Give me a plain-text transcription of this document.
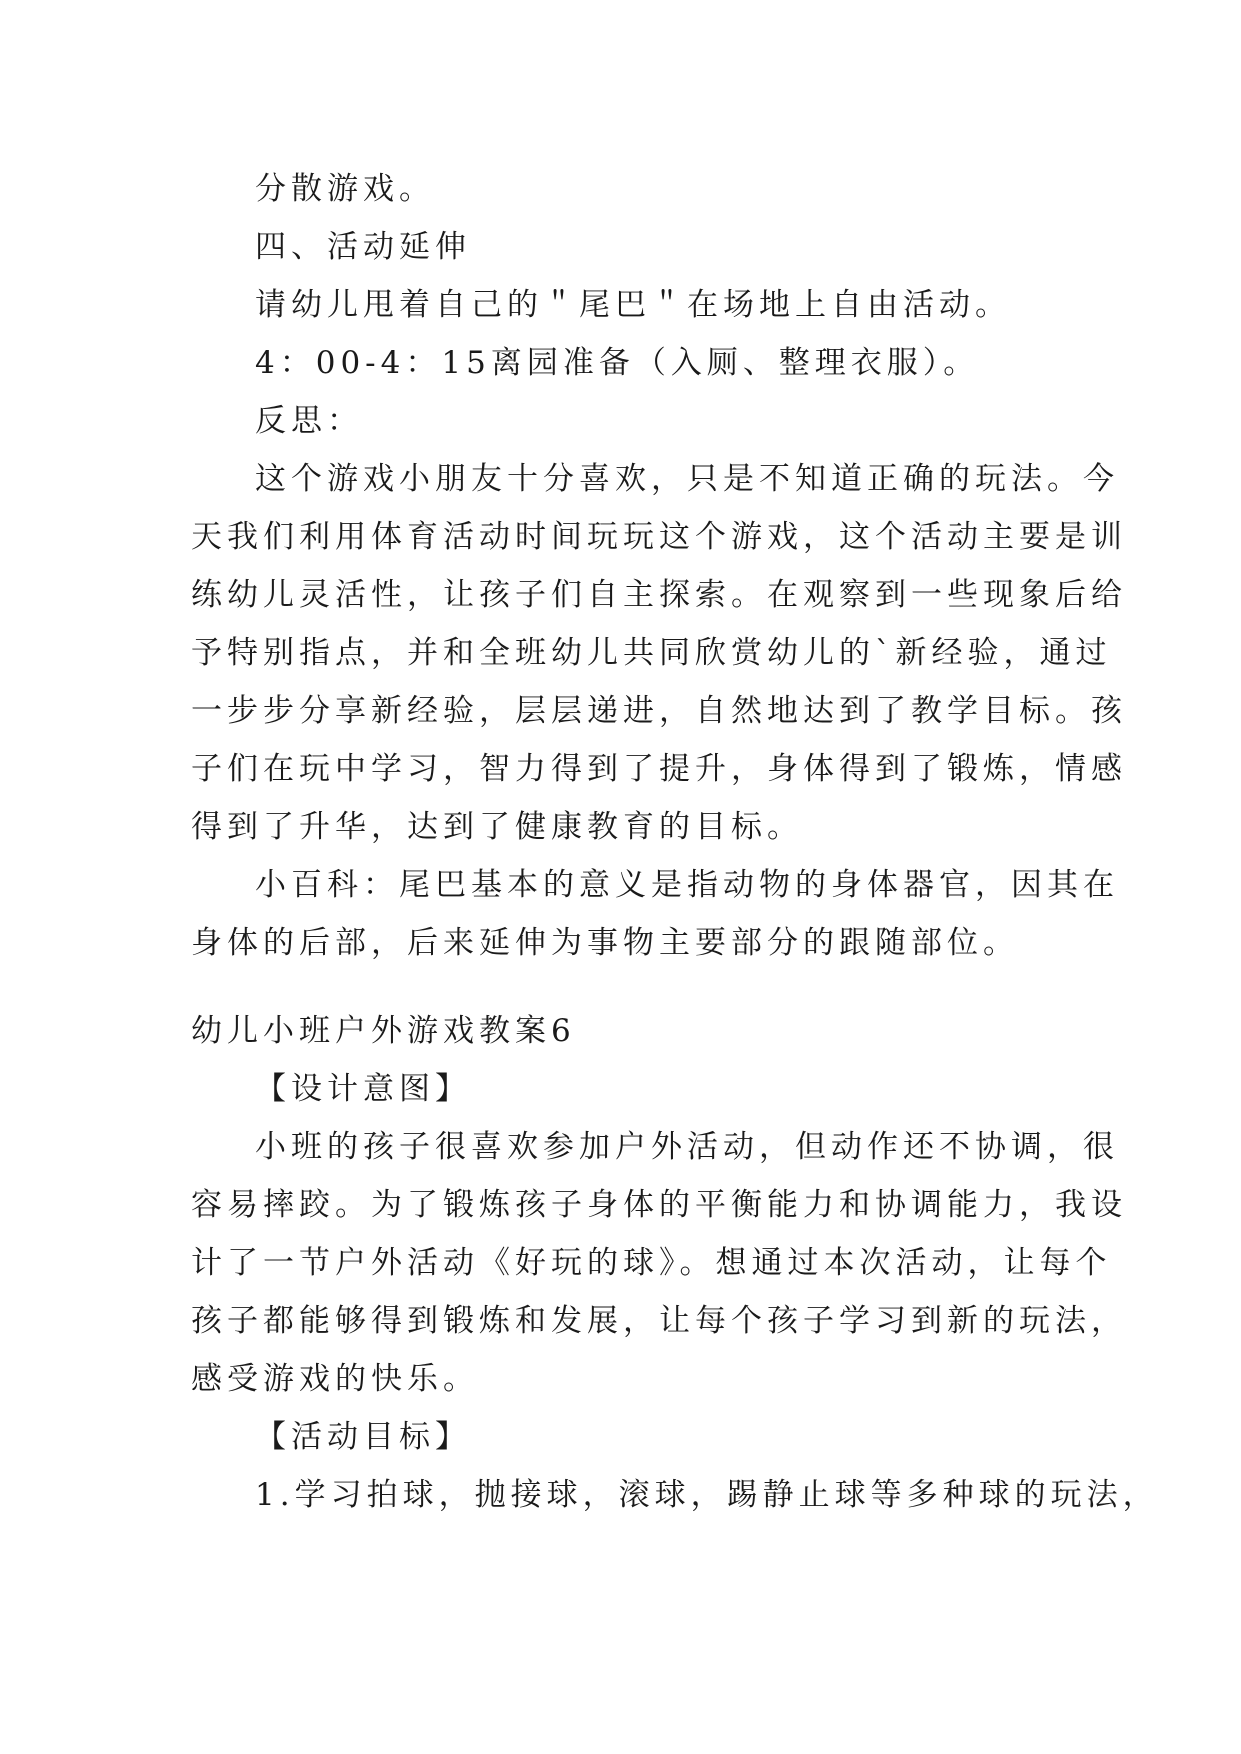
分散游戏。
四、活动延伸
请幼儿甩着自己的＂尾巴＂在场地上自由活动。
4：00-4：15离园准备（入厕、整理衣服）。
反思：
这个游戏小朋友十分喜欢，只是不知道正确的玩法。今
天我们利用体育活动时间玩玩这个游戏，这个活动主要是训
练幼儿灵活性，让孩子们自主探索。在观察到一些现象后给
予特别指点，并和全班幼儿共同欣赏幼儿的`新经验，通过
一步步分享新经验，层层递进，自然地达到了教学目标。孩
子们在玩中学习，智力得到了提升，身体得到了锻炼，情感
得到了升华，达到了健康教育的目标。
小百科：尾巴基本的意义是指动物的身体器官，因其在
身体的后部，后来延伸为事物主要部分的跟随部位。
幼儿小班户外游戏教案6
【设计意图】
小班的孩子很喜欢参加户外活动，但动作还不协调，很
容易摔跤。为了锻炼孩子身体的平衡能力和协调能力，我设
计了一节户外活动《好玩的球》。想通过本次活动，让每个
孩子都能够得到锻炼和发展，让每个孩子学习到新的玩法，
感受游戏的快乐。
【活动目标】
1.学习拍球，抛接球，滚球，踢静止球等多种球的玩法，
